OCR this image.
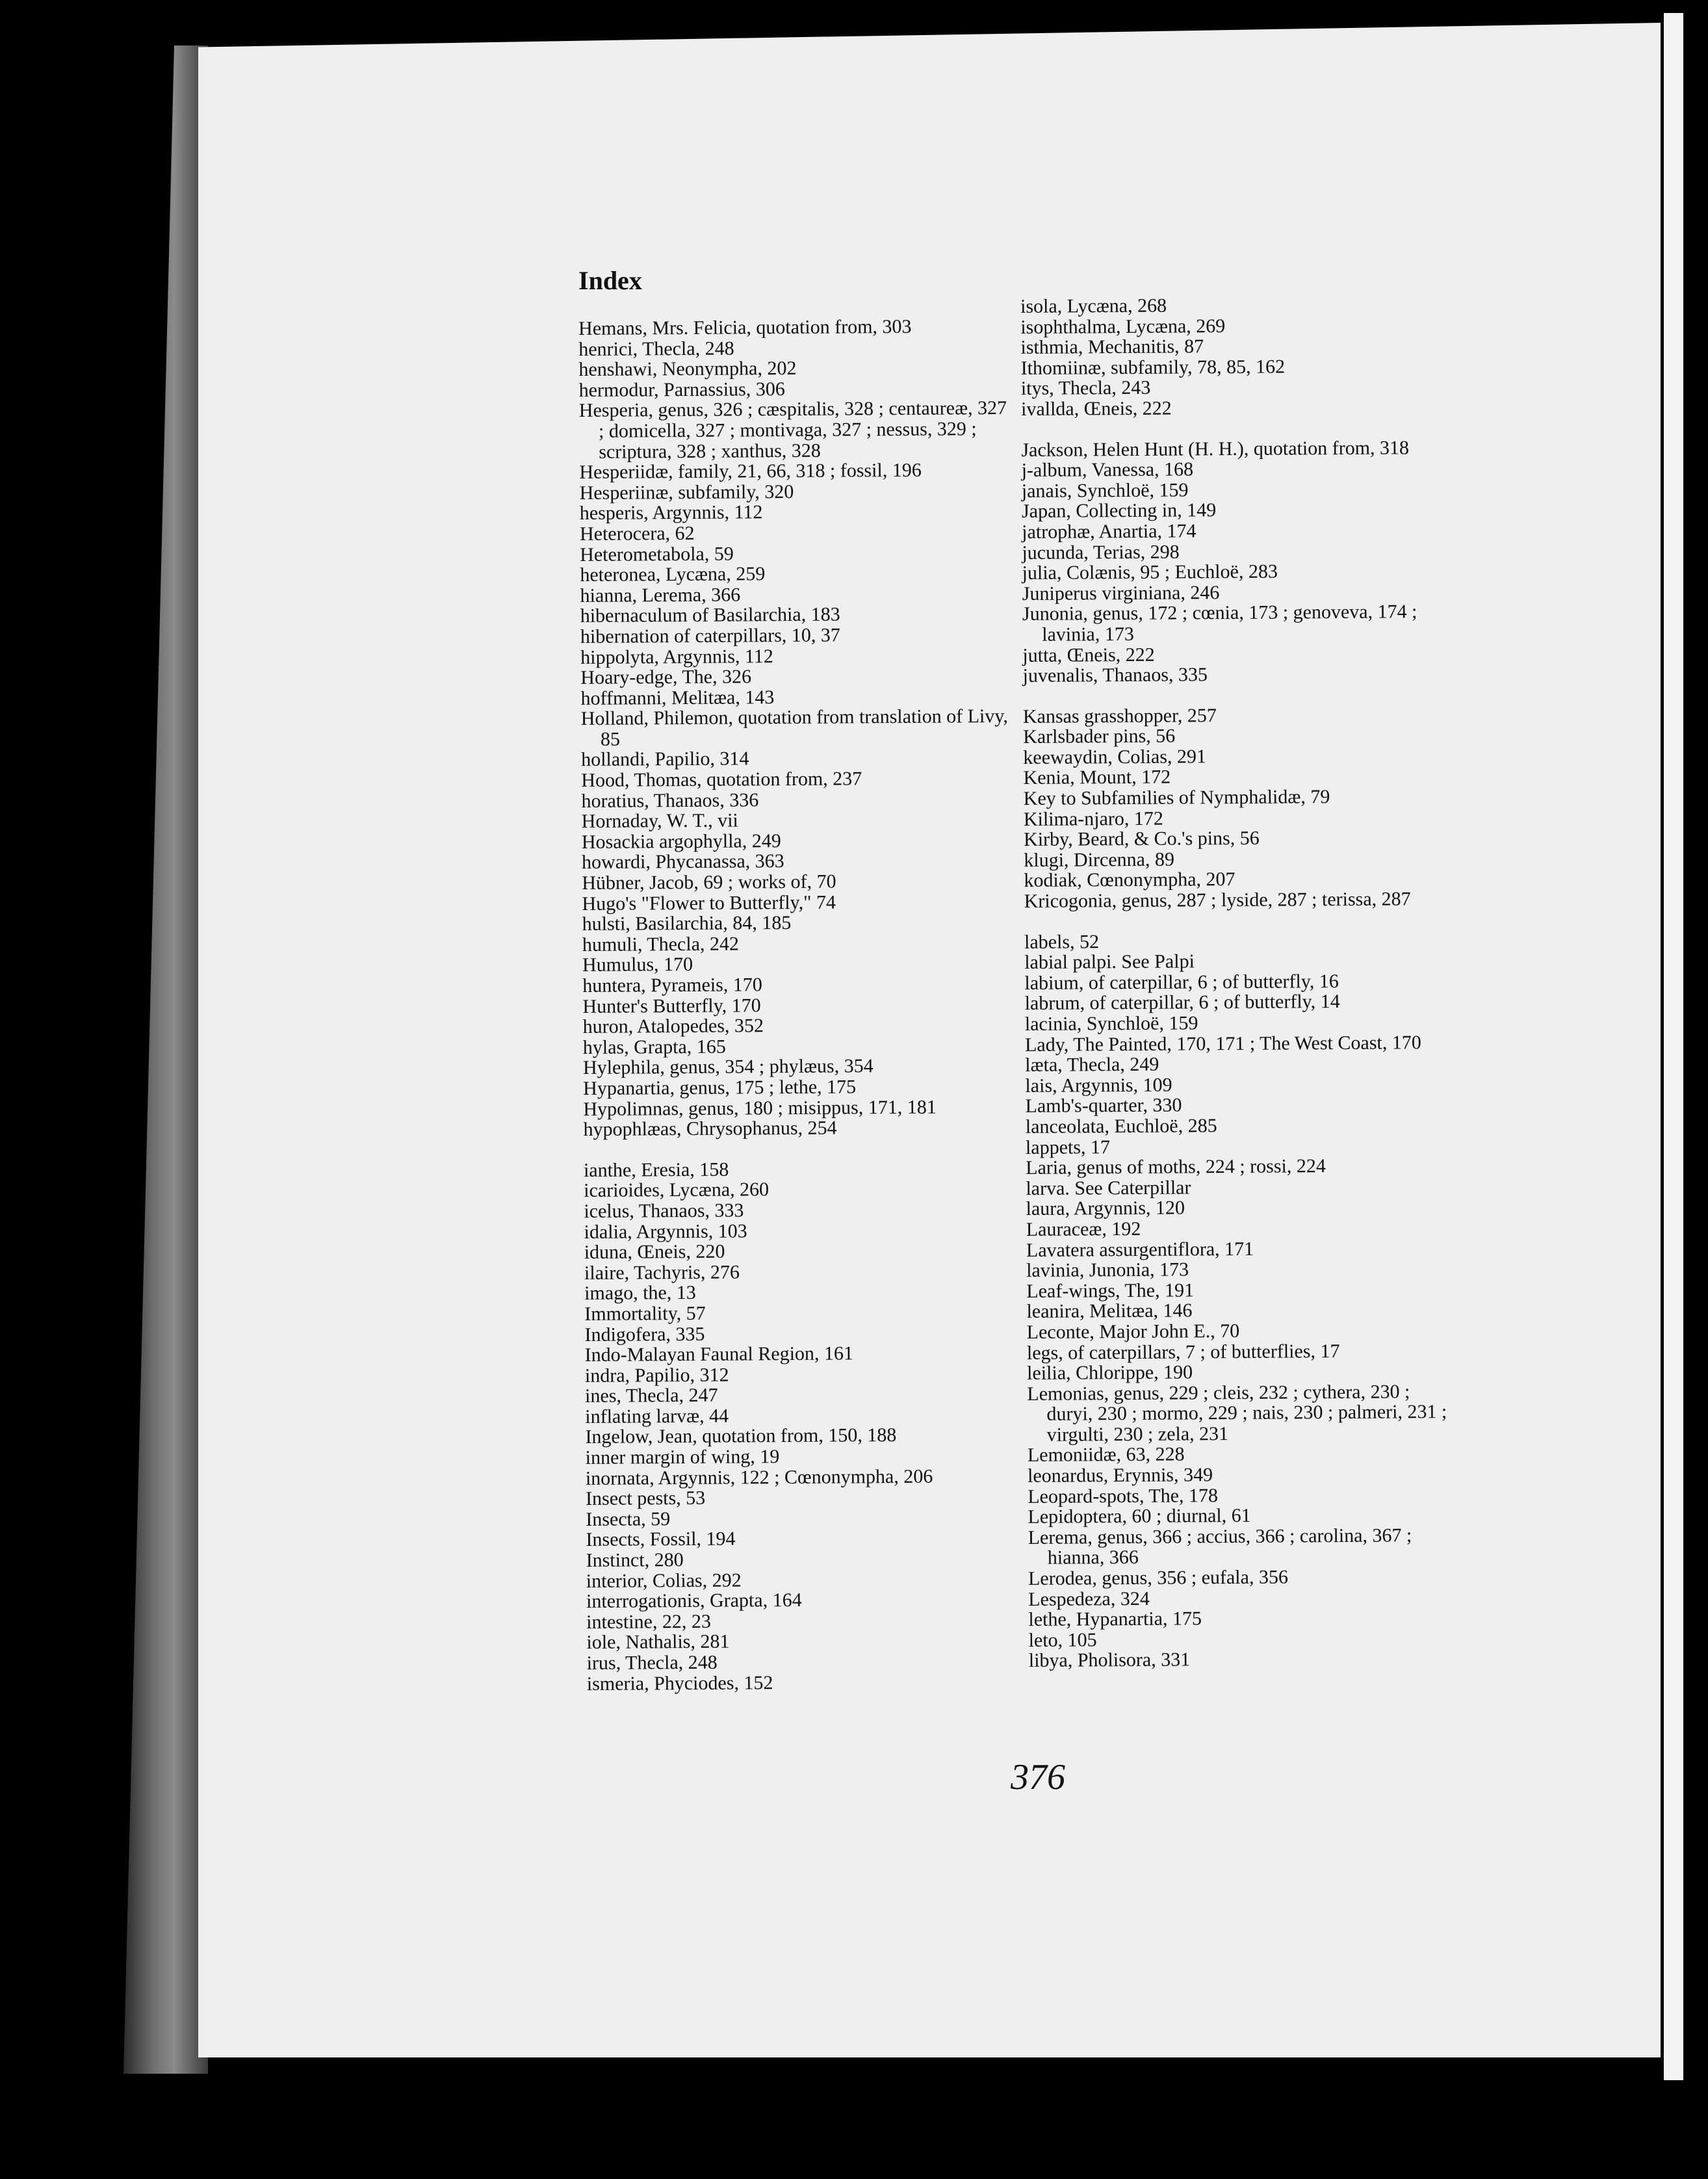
Index
Hemans, Mrs. Felicia, quotation from, 303
henrici, Thecla, 248
henshawi, Neonympha, 202
hermodur, Parnassius, 306
Hesperia, genus, 326 ; cæspitalis, 328 ; centaureæ, 327 ; domicella, 327 ; montivaga, 327 ; nessus, 329 ; scriptura, 328 ; xanthus, 328
Hesperiidæ, family, 21, 66, 318 ; fossil, 196
Hesperiinæ, subfamily, 320
hesperis, Argynnis, 112
Heterocera, 62
Heterometabola, 59
heteronea, Lycæna, 259
hianna, Lerema, 366
hibernaculum of Basilarchia, 183
hibernation of caterpillars, 10, 37
hippolyta, Argynnis, 112
Hoary-edge, The, 326
hoffmanni, Melitæa, 143
Holland, Philemon, quotation from translation of Livy, 85
hollandi, Papilio, 314
Hood, Thomas, quotation from, 237
horatius, Thanaos, 336
Hornaday, W. T., vii
Hosackia argophylla, 249
howardi, Phycanassa, 363
Hübner, Jacob, 69 ; works of, 70
Hugo's "Flower to Butterfly," 74
hulsti, Basilarchia, 84, 185
humuli, Thecla, 242
Humulus, 170
huntera, Pyrameis, 170
Hunter's Butterfly, 170
huron, Atalopedes, 352
hylas, Grapta, 165
Hylephila, genus, 354 ; phylæus, 354
Hypanartia, genus, 175 ; lethe, 175
Hypolimnas, genus, 180 ; misippus, 171, 181
hypophlæas, Chrysophanus, 254
ianthe, Eresia, 158
icarioides, Lycæna, 260
icelus, Thanaos, 333
idalia, Argynnis, 103
iduna, Œneis, 220
ilaire, Tachyris, 276
imago, the, 13
Immortality, 57
Indigofera, 335
Indo-Malayan Faunal Region, 161
indra, Papilio, 312
ines, Thecla, 247
inflating larvæ, 44
Ingelow, Jean, quotation from, 150, 188
inner margin of wing, 19
inornata, Argynnis, 122 ; Cœnonympha, 206
Insect pests, 53
Insecta, 59
Insects, Fossil, 194
Instinct, 280
interior, Colias, 292
interrogationis, Grapta, 164
intestine, 22, 23
iole, Nathalis, 281
irus, Thecla, 248
ismeria, Phyciodes, 152
isola, Lycæna, 268
isophthalma, Lycæna, 269
isthmia, Mechanitis, 87
Ithomiinæ, subfamily, 78, 85, 162
itys, Thecla, 243
ivallda, Œneis, 222
Jackson, Helen Hunt (H. H.), quotation from, 318
j-album, Vanessa, 168
janais, Synchloë, 159
Japan, Collecting in, 149
jatrophæ, Anartia, 174
jucunda, Terias, 298
julia, Colænis, 95 ; Euchloë, 283
Juniperus virginiana, 246
Junonia, genus, 172 ; cœnia, 173 ; genoveva, 174 ; lavinia, 173
jutta, Œneis, 222
juvenalis, Thanaos, 335
Kansas grasshopper, 257
Karlsbader pins, 56
keewaydin, Colias, 291
Kenia, Mount, 172
Key to Subfamilies of Nymphalidæ, 79
Kilima-njaro, 172
Kirby, Beard, & Co.'s pins, 56
klugi, Dircenna, 89
kodiak, Cœnonympha, 207
Kricogonia, genus, 287 ; lyside, 287 ; terissa, 287
labels, 52
labial palpi. See Palpi
labium, of caterpillar, 6 ; of butterfly, 16
labrum, of caterpillar, 6 ; of butterfly, 14
lacinia, Synchloë, 159
Lady, The Painted, 170, 171 ; The West Coast, 170
læta, Thecla, 249
lais, Argynnis, 109
Lamb's-quarter, 330
lanceolata, Euchloë, 285
lappets, 17
Laria, genus of moths, 224 ; rossi, 224
larva. See Caterpillar
laura, Argynnis, 120
Lauraceæ, 192
Lavatera assurgentiflora, 171
lavinia, Junonia, 173
Leaf-wings, The, 191
leanira, Melitæa, 146
Leconte, Major John E., 70
legs, of caterpillars, 7 ; of butterflies, 17
leilia, Chlorippe, 190
Lemonias, genus, 229 ; cleis, 232 ; cythera, 230 ; duryi, 230 ; mormo, 229 ; nais, 230 ; palmeri, 231 ; virgulti, 230 ; zela, 231
Lemoniidæ, 63, 228
leonardus, Erynnis, 349
Leopard-spots, The, 178
Lepidoptera, 60 ; diurnal, 61
Lerema, genus, 366 ; accius, 366 ; carolina, 367 ; hianna, 366
Lerodea, genus, 356 ; eufala, 356
Lespedeza, 324
lethe, Hypanartia, 175
leto, 105
libya, Pholisora, 331
376
